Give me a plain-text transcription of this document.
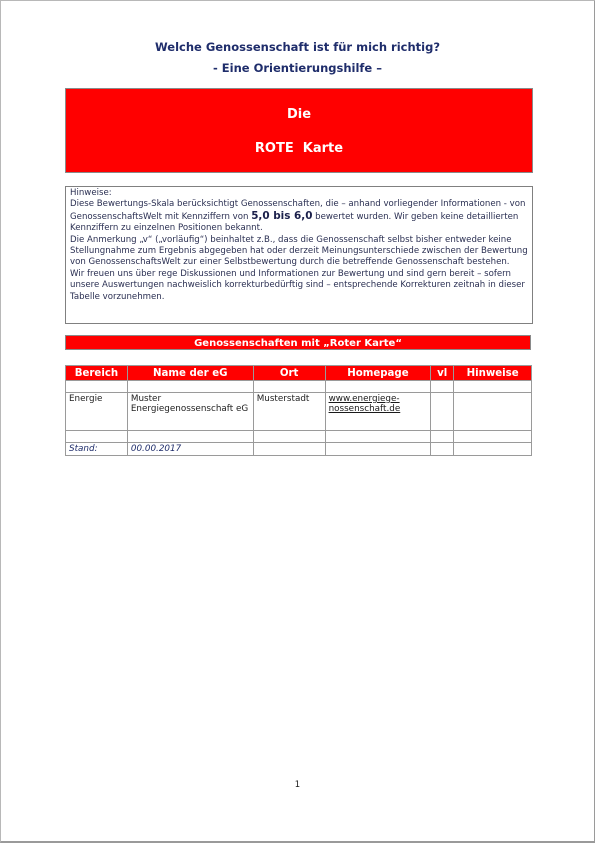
Welche Genossenschaft ist für mich richtig?
- Eine Orientierungshilfe –
Die
ROTE  Karte

Hinweise:

Diese Bewertungs-Skala berücksichtigt Genossenschaften, die – anhand vorliegender Informationen - von GenossenschaftsWelt mit Kennziffern von 5,0 bis 6,0 bewertet wurden. Wir geben keine detaillierten Kennziffern zu einzelnen Positionen bekannt.

Die Anmerkung „v“ („vorläufig“) beinhaltet z.B., dass die Genossenschaft selbst bisher entweder keine Stellungnahme zum Ergebnis abgegeben hat oder derzeit Meinungsunterschiede zwischen der Bewertung von GenossenschaftsWelt zur einer Selbstbewertung durch die betreffende Genossenschaft bestehen.

Wir freuen uns über rege Diskussionen und Informationen zur Bewertung und sind gern bereit – sofern unsere Auswertungen nachweislich korrekturbedürftig sind – entsprechende Korrekturen zeitnah in dieser Tabelle vorzunehmen.

Genossenschaften mit „Roter Karte“
Bereich	Name der eG	Ort	Homepage	vl	Hinweise

Energie	Muster Energiegenossenschaft eG	Musterstadt	www.energiege-nossenschaft.de		

Stand:	00.00.2017				
1
